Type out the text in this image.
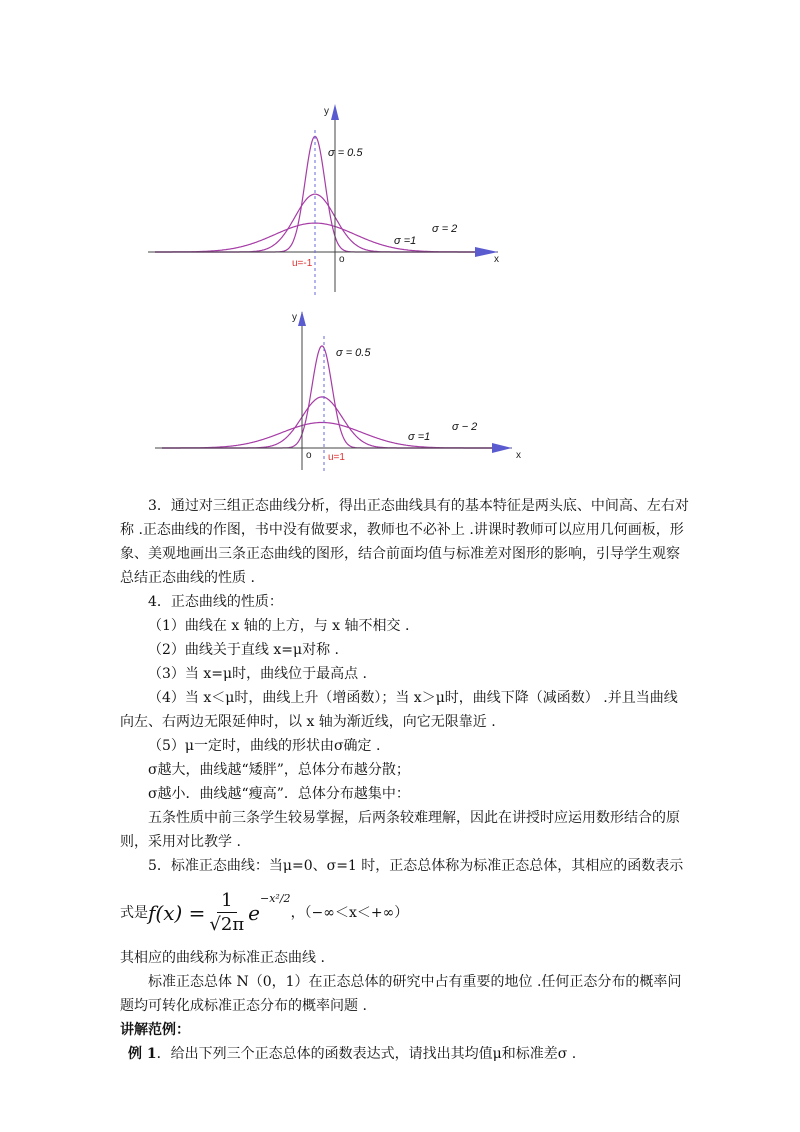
y
x
o
u=-1
σ = 0.5
σ =1
σ = 2
y
x
o u=1
σ = 0.5
σ =1
σ − 2

3．通过对三组正态曲线分析，得出正态曲线具有的基本特征是两头底、中间高、左右对称 .正态曲线的作图，书中没有做要求，教师也不必补上 .讲课时教师可以应用几何画板，形象、美观地画出三条正态曲线的图形，结合前面均值与标准差对图形的影响，引导学生观察总结正态曲线的性质 .

4．正态曲线的性质：

（1）曲线在 x 轴的上方，与 x 轴不相交 .

（2）曲线关于直线 x=μ对称 .

（3）当 x=μ时，曲线位于最高点 .

（4）当 x＜μ时，曲线上升（增函数）；当 x＞μ时，曲线下降（减函数） .并且当曲线向左、右两边无限延伸时，以 x 轴为渐近线，向它无限靠近 .

（5）μ一定时，曲线的形状由σ确定 .

σ越大，曲线越“矮胖”，总体分布越分散；

σ越小．曲线越“瘦高”．总体分布越集中：

五条性质中前三条学生较易掌握，后两条较难理解，因此在讲授时应运用数形结合的原则，采用对比教学 .

5．标准正态曲线：当μ=0、σ=1 时，正态总体称为标准正态总体，其相应的函数表示

式是 $f(x) = \frac{1}{√2\pi}$ e
−x²/2
，（−∞＜x＜+∞）

其相应的曲线称为标准正态曲线 .

标准正态总体 N（0，1）在正态总体的研究中占有重要的地位 .任何正态分布的概率问题均可转化成标准正态分布的概率问题 .

讲解范例：

例 1．给出下列三个正态总体的函数表达式，请找出其均值μ和标准差σ .
